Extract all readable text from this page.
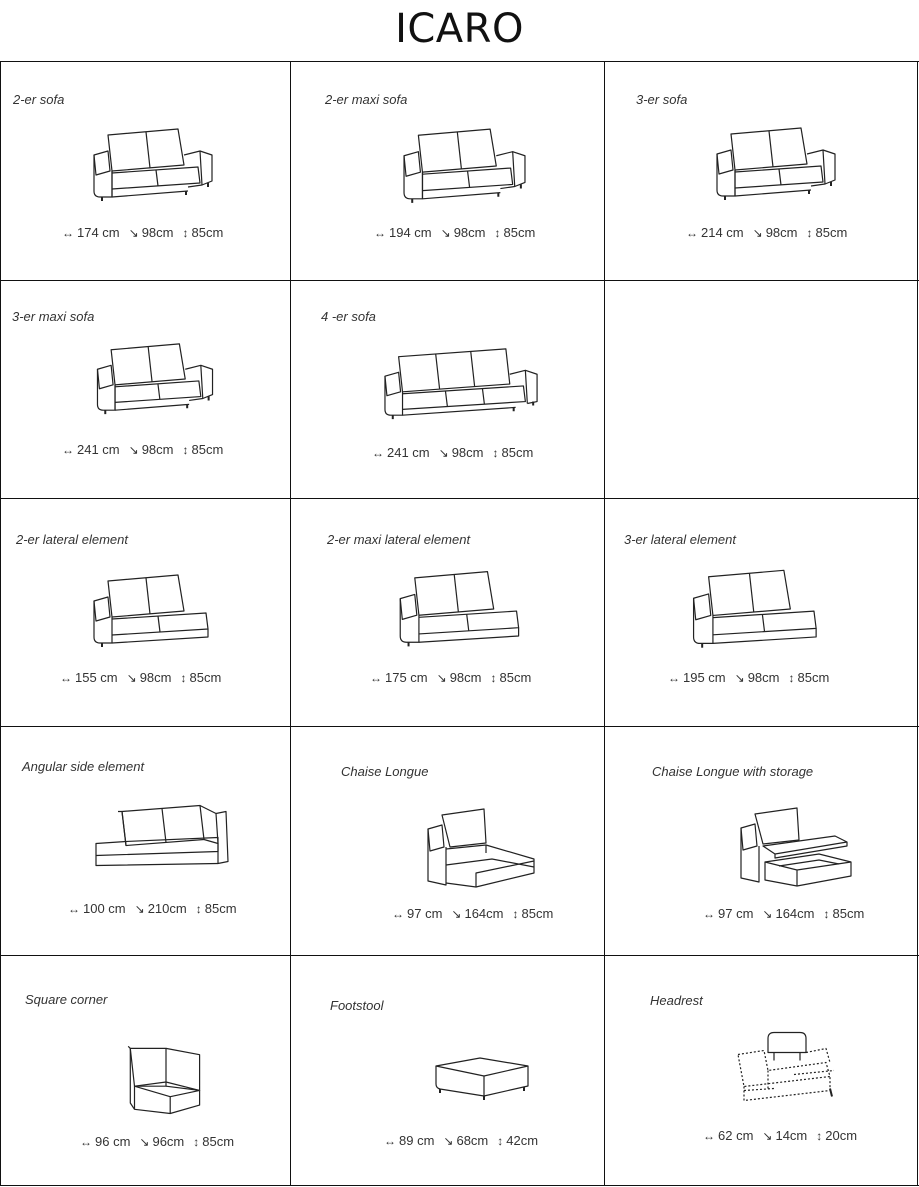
ICARO
2-er sofa
↔ 174 cm ↘ 98cm ↕ 85cm
2-er maxi sofa
↔ 194 cm ↘ 98cm ↕ 85cm
3-er sofa
↔ 214 cm ↘ 98cm ↕ 85cm
3-er maxi sofa
↔ 241 cm ↘ 98cm ↕ 85cm
4 -er sofa
↔ 241 cm ↘ 98cm ↕ 85cm
2-er lateral element
↔ 155 cm ↘ 98cm ↕ 85cm
2-er maxi lateral element
↔ 175 cm ↘ 98cm ↕ 85cm
3-er lateral element
↔ 195 cm ↘ 98cm ↕ 85cm
Angular side element
↔ 100 cm ↘ 210cm ↕ 85cm
Chaise Longue
↔ 97 cm ↘ 164cm ↕ 85cm
Chaise Longue with storage
↔ 97 cm ↘ 164cm ↕ 85cm
Square corner
↔ 96 cm ↘ 96cm ↕ 85cm
Footstool
↔ 89 cm ↘ 68cm ↕ 42cm
Headrest
↔ 62 cm ↘ 14cm ↕ 20cm
